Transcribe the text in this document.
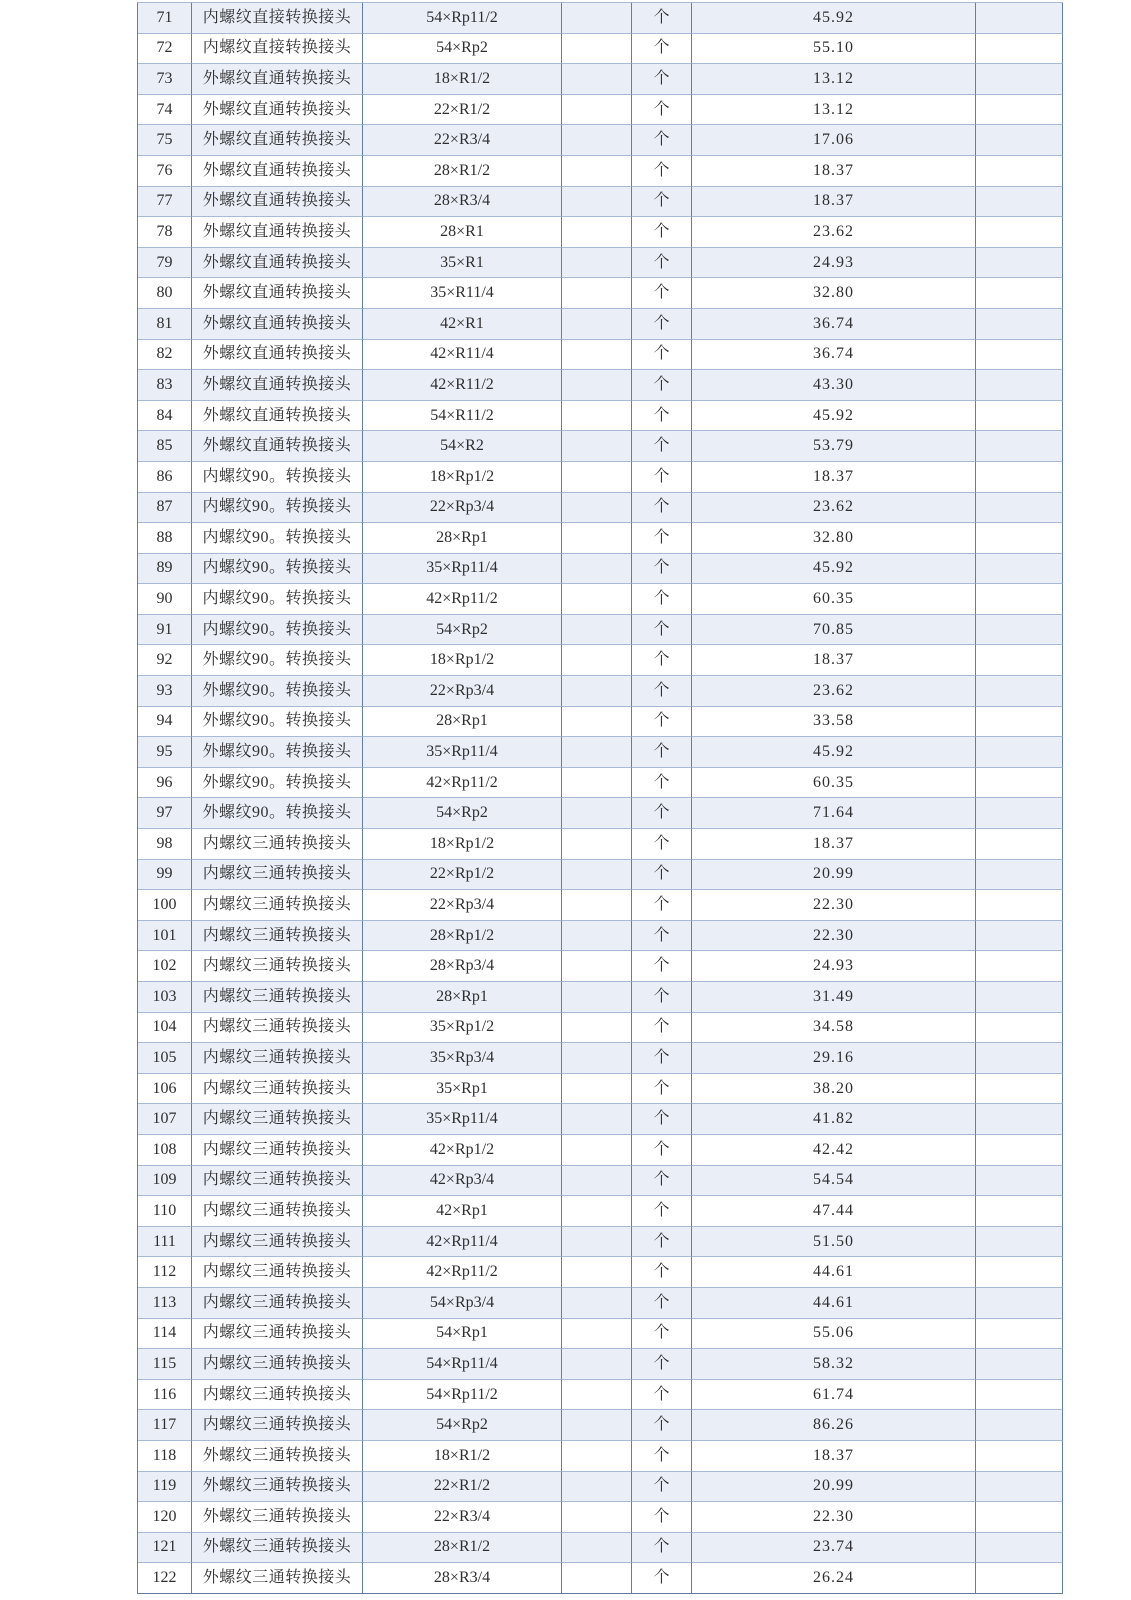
71	内螺纹直接转换接头	54×Rp11/2		个	45.92	
72	内螺纹直接转换接头	54×Rp2		个	55.10	
73	外螺纹直通转换接头	18×R1/2		个	13.12	
74	外螺纹直通转换接头	22×R1/2		个	13.12	
75	外螺纹直通转换接头	22×R3/4		个	17.06	
76	外螺纹直通转换接头	28×R1/2		个	18.37	
77	外螺纹直通转换接头	28×R3/4		个	18.37	
78	外螺纹直通转换接头	28×R1		个	23.62	
79	外螺纹直通转换接头	35×R1		个	24.93	
80	外螺纹直通转换接头	35×R11/4		个	32.80	
81	外螺纹直通转换接头	42×R1		个	36.74	
82	外螺纹直通转换接头	42×R11/4		个	36.74	
83	外螺纹直通转换接头	42×R11/2		个	43.30	
84	外螺纹直通转换接头	54×R11/2		个	45.92	
85	外螺纹直通转换接头	54×R2		个	53.79	
86	内螺纹90。转换接头	18×Rp1/2		个	18.37	
87	内螺纹90。转换接头	22×Rp3/4		个	23.62	
88	内螺纹90。转换接头	28×Rp1		个	32.80	
89	内螺纹90。转换接头	35×Rp11/4		个	45.92	
90	内螺纹90。转换接头	42×Rp11/2		个	60.35	
91	内螺纹90。转换接头	54×Rp2		个	70.85	
92	外螺纹90。转换接头	18×Rp1/2		个	18.37	
93	外螺纹90。转换接头	22×Rp3/4		个	23.62	
94	外螺纹90。转换接头	28×Rp1		个	33.58	
95	外螺纹90。转换接头	35×Rp11/4		个	45.92	
96	外螺纹90。转换接头	42×Rp11/2		个	60.35	
97	外螺纹90。转换接头	54×Rp2		个	71.64	
98	内螺纹三通转换接头	18×Rp1/2		个	18.37	
99	内螺纹三通转换接头	22×Rp1/2		个	20.99	
100	内螺纹三通转换接头	22×Rp3/4		个	22.30	
101	内螺纹三通转换接头	28×Rp1/2		个	22.30	
102	内螺纹三通转换接头	28×Rp3/4		个	24.93	
103	内螺纹三通转换接头	28×Rp1		个	31.49	
104	内螺纹三通转换接头	35×Rp1/2		个	34.58	
105	内螺纹三通转换接头	35×Rp3/4		个	29.16	
106	内螺纹三通转换接头	35×Rp1		个	38.20	
107	内螺纹三通转换接头	35×Rp11/4		个	41.82	
108	内螺纹三通转换接头	42×Rp1/2		个	42.42	
109	内螺纹三通转换接头	42×Rp3/4		个	54.54	
110	内螺纹三通转换接头	42×Rp1		个	47.44	
111	内螺纹三通转换接头	42×Rp11/4		个	51.50	
112	内螺纹三通转换接头	42×Rp11/2		个	44.61	
113	内螺纹三通转换接头	54×Rp3/4		个	44.61	
114	内螺纹三通转换接头	54×Rp1		个	55.06	
115	内螺纹三通转换接头	54×Rp11/4		个	58.32	
116	内螺纹三通转换接头	54×Rp11/2		个	61.74	
117	内螺纹三通转换接头	54×Rp2		个	86.26	
118	外螺纹三通转换接头	18×R1/2		个	18.37	
119	外螺纹三通转换接头	22×R1/2		个	20.99	
120	外螺纹三通转换接头	22×R3/4		个	22.30	
121	外螺纹三通转换接头	28×R1/2		个	23.74	
122	外螺纹三通转换接头	28×R3/4		个	26.24	
